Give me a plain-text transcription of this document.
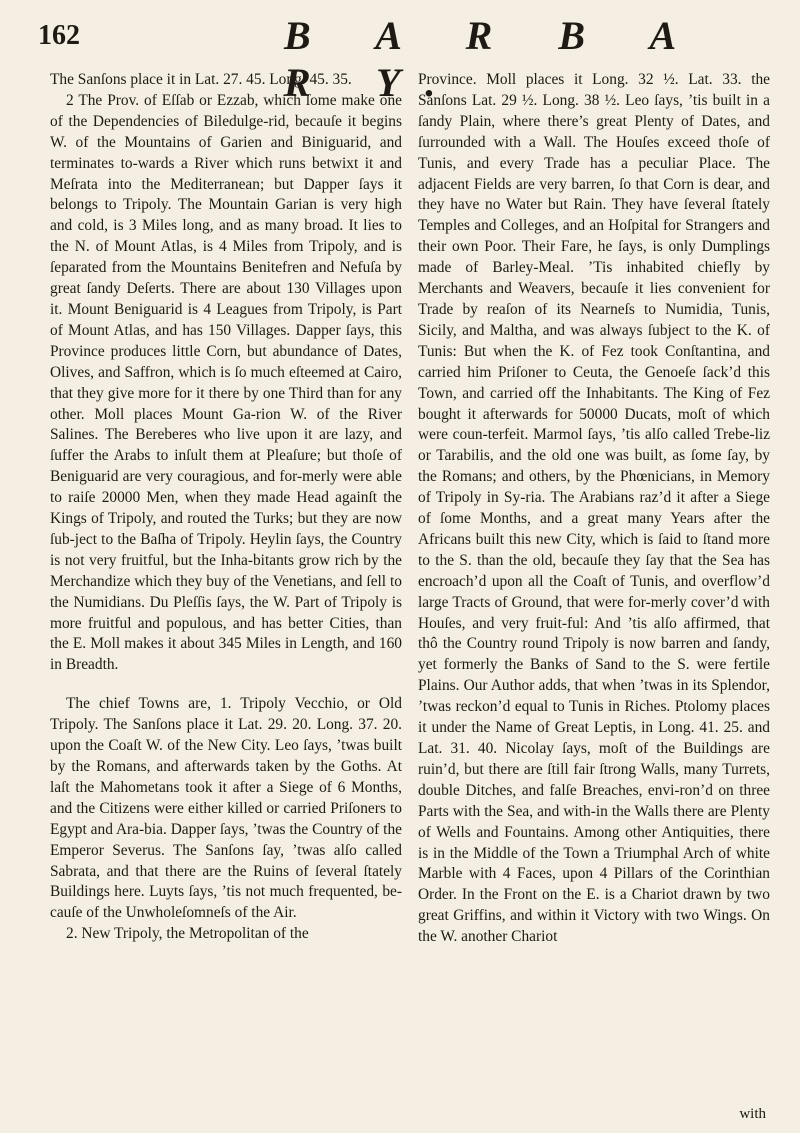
162	B A R B A R Y.

The Sanſons place it in Lat. 27. 45. Long. 45. 35.

2 The Prov. of Eſſab or Ezzab, which ſome make one of the Dependencies of Biledulge-rid, becauſe it begins W. of the Mountains of Garien and Biniguarid, and terminates to-wards a River which runs betwixt it and Meſrata into the Mediterranean; but Dapper ſays it belongs to Tripoly. The Mountain Garian is very high and cold, is 3 Miles long, and as many broad. It lies to the N. of Mount Atlas, is 4 Miles from Tripoly, and is ſeparated from the Mountains Benitefren and Nefuſa by great ſandy Deſerts. There are about 130 Villages upon it. Mount Beniguarid is 4 Leagues from Tripoly, is Part of Mount Atlas, and has 150 Villages. Dapper ſays, this Province produces little Corn, but abundance of Dates, Olives, and Saffron, which is ſo much eſteemed at Cairo, that they give more for it there by one Third than for any other. Moll places Mount Ga-rion W. of the River Salines. The Bereberes who live upon it are lazy, and ſuffer the Arabs to inſult them at Pleaſure; but thoſe of Beniguarid are very couragious, and for-merly were able to raiſe 20000 Men, when they made Head againſt the Kings of Tripoly, and routed the Turks; but they are now ſub-ject to the Baſha of Tripoly. Heylin ſays, the Country is not very fruitful, but the Inha-bitants grow rich by the Merchandize which they buy of the Venetians, and ſell to the Numidians. Du Pleſſis ſays, the W. Part of Tripoly is more fruitful and populous, and has better Cities, than the E. Moll makes it about 345 Miles in Length, and 160 in Breadth.

The chief Towns are, 1. Tripoly Vecchio, or Old Tripoly. The Sanſons place it Lat. 29. 20. Long. 37. 20. upon the Coaſt W. of the New City. Leo ſays, ’twas built by the Romans, and afterwards taken by the Goths. At laſt the Mahometans took it after a Siege of 6 Months, and the Citizens were either killed or carried Priſoners to Egypt and Ara-bia. Dapper ſays, ’twas the Country of the Emperor Severus. The Sanſons ſay, ’twas alſo called Sabrata, and that there are the Ruins of ſeveral ſtately Buildings here. Luyts ſays, ’tis not much frequented, be-cauſe of the Unwholeſomneſs of the Air.

2. New Tripoly, the Metropolitan of the

Province. Moll places it Long. 32 ½. Lat. 33. the Sanſons Lat. 29 ½. Long. 38 ½. Leo ſays, ’tis built in a ſandy Plain, where there’s great Plenty of Dates, and ſurrounded with a Wall. The Houſes exceed thoſe of Tunis, and every Trade has a peculiar Place. The adjacent Fields are very barren, ſo that Corn is dear, and they have no Water but Rain. They have ſeveral ſtately Temples and Colleges, and an Hoſpital for Strangers and their own Poor. Their Fare, he ſays, is only Dumplings made of Barley-Meal. ’Tis inhabited chiefly by Merchants and Weavers, becauſe it lies convenient for Trade by reaſon of its Nearneſs to Numidia, Tunis, Sicily, and Maltha, and was always ſubject to the K. of Tunis: But when the K. of Fez took Conſtantina, and carried him Priſoner to Ceuta, the Genoeſe ſack’d this Town, and carried off the Inhabitants. The King of Fez bought it afterwards for 50000 Ducats, moſt of which were coun-terfeit. Marmol ſays, ’tis alſo called Trebe-liz or Tarabilis, and the old one was built, as ſome ſay, by the Romans; and others, by the Phœnicians, in Memory of Tripoly in Sy-ria. The Arabians raz’d it after a Siege of ſome Months, and a great many Years after the Africans built this new City, which is ſaid to ſtand more to the S. than the old, becauſe they ſay that the Sea has encroach’d upon all the Coaſt of Tunis, and overflow’d large Tracts of Ground, that were for-merly cover’d with Houſes, and very fruit-ful: And ’tis alſo affirmed, that thô the Country round Tripoly is now barren and ſandy, yet formerly the Banks of Sand to the S. were fertile Plains. Our Author adds, that when ’twas in its Splendor, ’twas reckon’d equal to Tunis in Riches. Ptolomy places it under the Name of Great Leptis, in Long. 41. 25. and Lat. 31. 40. Nicolay ſays, moſt of the Buildings are ruin’d, but there are ſtill fair ſtrong Walls, many Turrets, double Ditches, and falſe Breaches, envi-ron’d on three Parts with the Sea, and with-in the Walls there are Plenty of Wells and Fountains. Among other Antiquities, there is in the Middle of the Town a Triumphal Arch of white Marble with 4 Faces, upon 4 Pillars of the Corinthian Order. In the Front on the E. is a Chariot drawn by two great Griffins, and within it Victory with two Wings. On the W. another Chariot

with
